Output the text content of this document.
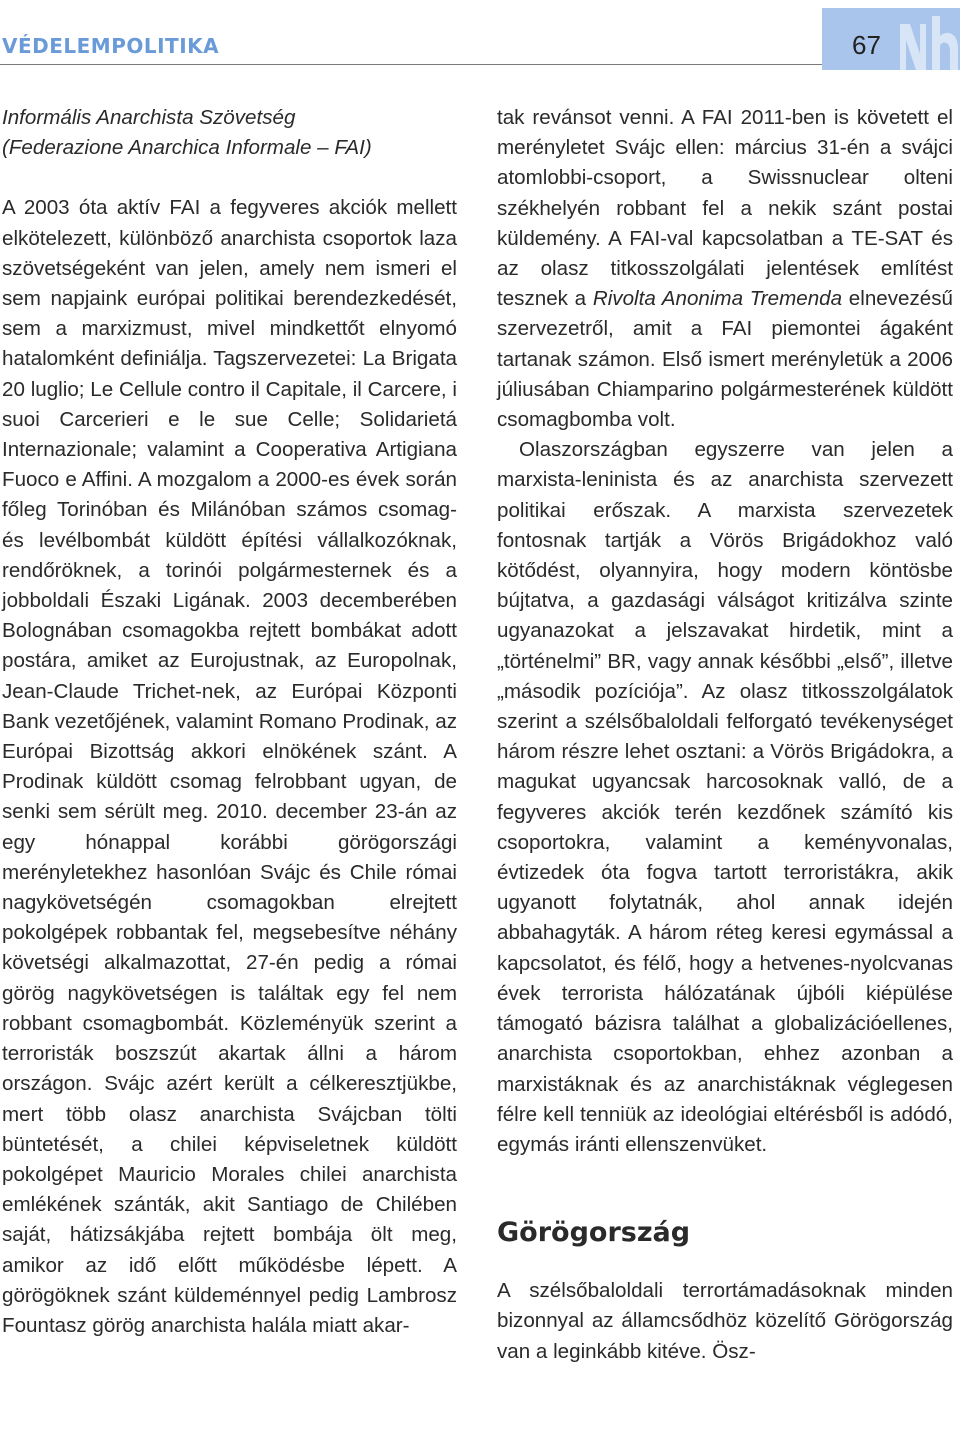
VÉDELEMPOLITIKA	67

Informális Anarchista Szövetség
(Federazione Anarchica Informale – FAI)

A 2003 óta aktív FAI a fegyveres akciók mellett elkötelezett, különböző anarchista csoportok laza szövetségeként van jelen, amely nem ismeri el sem napjaink európai politikai berendezkedését, sem a marxizmust, mivel mindkettőt elnyomó hatalomként definiálja. Tagszervezetei: La Brigata 20 luglio; Le Cellule contro il Capitale, il Carcere, i suoi Carcerieri e le sue Celle; Solidarietá Internazionale; valamint a Cooperativa Artigiana Fuoco e Affini. A mozgalom a 2000-es évek során főleg Torinóban és Milánóban számos csomag- és levélbombát küldött építési vállalkozóknak, rendőröknek, a torinói polgármesternek és a jobboldali Északi Ligának. 2003 decemberében Bolognában csomagokba rejtett bombákat adott postára, amiket az Eurojustnak, az Europolnak, Jean-Claude Trichet-nek, az Európai Központi Bank vezetőjének, valamint Romano Prodinak, az Európai Bizottság akkori elnökének szánt. A Prodinak küldött csomag felrobbant ugyan, de senki sem sérült meg. 2010. december 23-án az egy hónappal korábbi görögországi merényletekhez hasonlóan Svájc és Chile római nagykövetségén csomagokban elrejtett pokolgépek robbantak fel, megsebesítve néhány követségi alkalmazottat, 27-én pedig a római görög nagykövetségen is találtak egy fel nem robbant csomagbombát. Közleményük szerint a terroristák boszszút akartak állni a három országon. Svájc azért került a célkeresztjükbe, mert több olasz anarchista Svájcban tölti büntetését, a chilei képviseletnek küldött pokolgépet Mauricio Morales chilei anarchista emlékének szánták, akit Santiago de Chilében saját, hátizsákjába rejtett bombája ölt meg, amikor az idő előtt működésbe lépett. A görögöknek szánt küldeménnyel pedig Lambrosz Fountasz görög anarchista halála miatt akar-

tak revánsot venni. A FAI 2011-ben is követett el merényletet Svájc ellen: március 31-én a svájci atomlobbi-csoport, a Swissnuclear olteni székhelyén robbant fel a nekik szánt postai küldemény. A FAI-val kapcsolatban a TE-SAT és az olasz titkosszolgálati jelentések említést tesznek a Rivolta Anonima Tremenda elnevezésű szervezetről, amit a FAI piemontei ágaként tartanak számon. Első ismert merényletük a 2006 júliusában Chiamparino polgármesterének küldött csomagbomba volt.

Olaszországban egyszerre van jelen a marxista-leninista és az anarchista szervezett politikai erőszak. A marxista szervezetek fontosnak tartják a Vörös Brigádokhoz való kötődést, olyannyira, hogy modern köntösbe bújtatva, a gazdasági válságot kritizálva szinte ugyanazokat a jelszavakat hirdetik, mint a „történelmi” BR, vagy annak későbbi „első”, illetve „második pozíciója”. Az olasz titkosszolgálatok szerint a szélsőbaloldali felforgató tevékenységet három részre lehet osztani: a Vörös Brigádokra, a magukat ugyancsak harcosoknak valló, de a fegyveres akciók terén kezdőnek számító kis csoportokra, valamint a keményvonalas, évtizedek óta fogva tartott terroristákra, akik ugyanott folytatnák, ahol annak idején abbahagyták. A három réteg keresi egymással a kapcsolatot, és félő, hogy a hetvenes-nyolcvanas évek terrorista hálózatának újbóli kiépülése támogató bázisra találhat a globalizációellenes, anarchista csoportokban, ehhez azonban a marxistáknak és az anarchistáknak véglegesen félre kell tenniük az ideológiai eltérésből is adódó, egymás iránti ellenszenvüket.

Görögország

A szélsőbaloldali terrortámadásoknak minden bizonnyal az államcsődhöz közelítő Görögország van a leginkább kitéve. Ösz-
